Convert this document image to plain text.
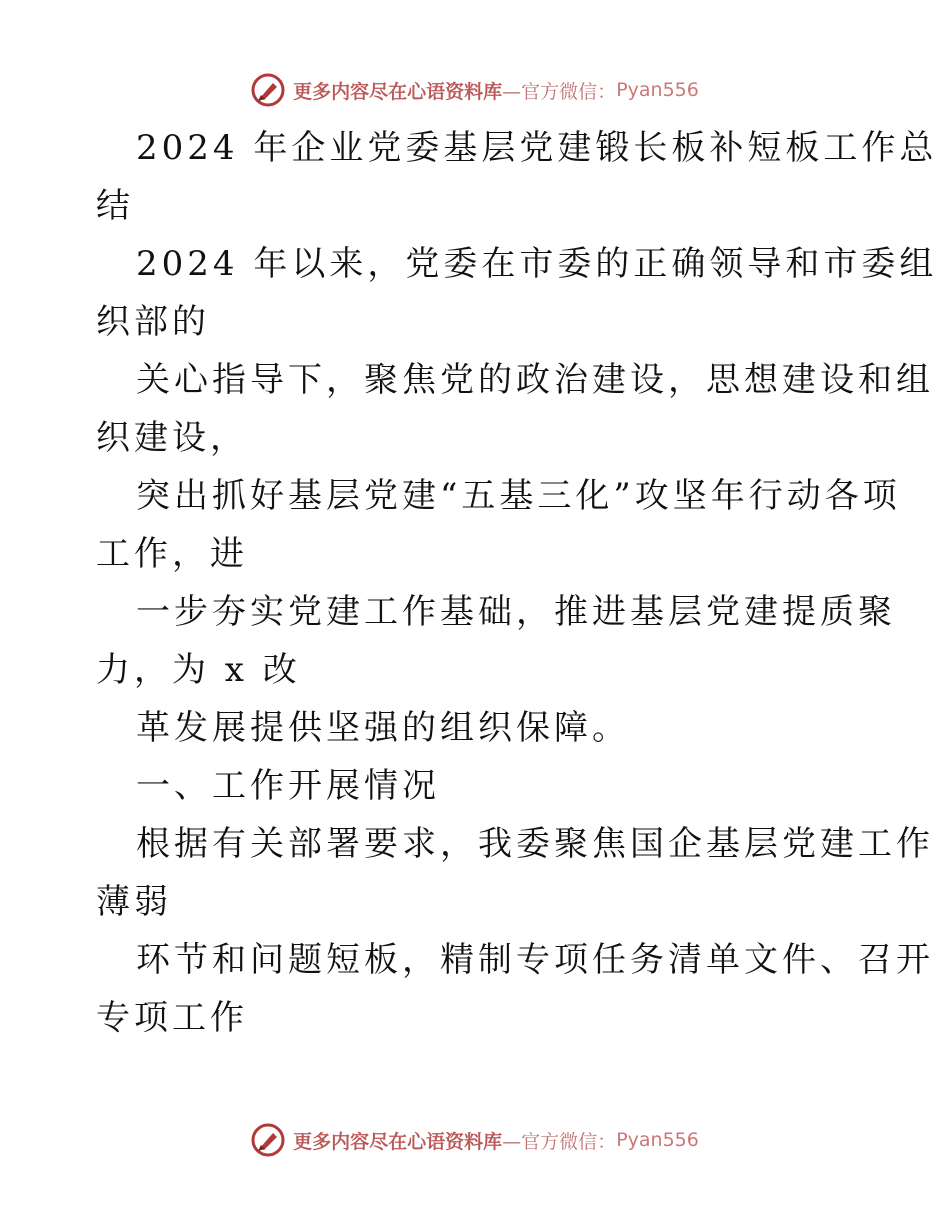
更多内容尽在心语资料库 —官方微信： Pyan556
2024 年企业党委基层党建锻长板补短板工作总
结
2024 年以来，党委在市委的正确领导和市委组
织部的
关心指导下，聚焦党的政治建设，思想建设和组
织建设，
突出抓好基层党建“五基三化”攻坚年行动各项
工作，进
一步夯实党建工作基础，推进基层党建提质聚
力，为 x 改
革发展提供坚强的组织保障。
一、工作开展情况
根据有关部署要求，我委聚焦国企基层党建工作
薄弱
环节和问题短板，精制专项任务清单文件、召开
专项工作
更多内容尽在心语资料库 —官方微信： Pyan556
